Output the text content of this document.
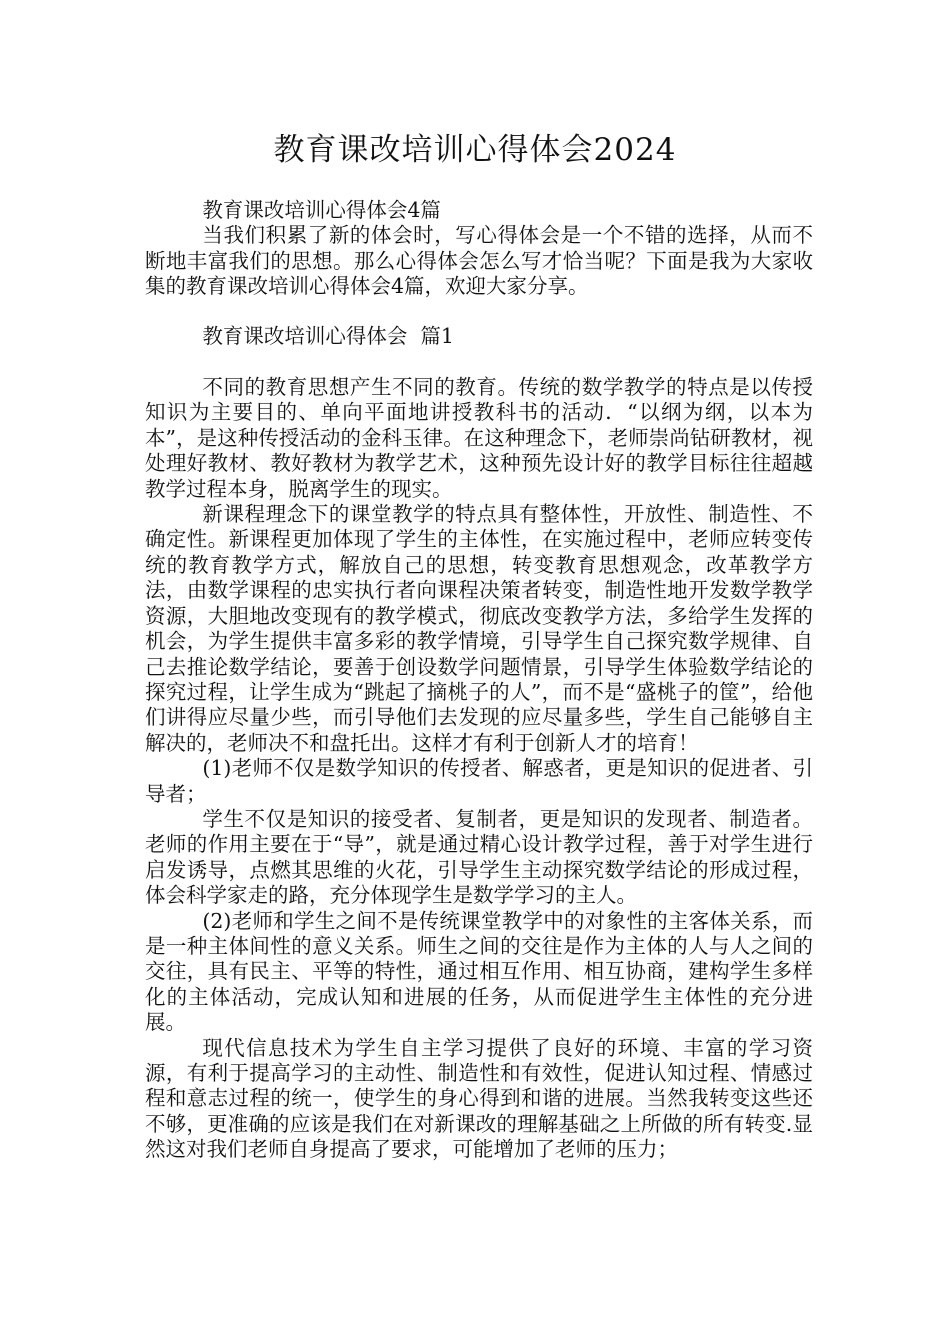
教育课改培训心得体会2024

教育课改培训心得体会4篇

当我们积累了新的体会时，写心得体会是一个不错的选择，从而不断地丰富我们的思想。那么心得体会怎么写才恰当呢？下面是我为大家收集的教育课改培训心得体会4篇，欢迎大家分享。

教育课改培训心得体会  篇1

不同的教育思想产生不同的教育。传统的数学教学的特点是以传授知识为主要目的、单向平面地讲授教科书的活动．“以纲为纲，以本为本”，是这种传授活动的金科玉律。在这种理念下，老师崇尚钻研教材，视处理好教材、教好教材为教学艺术，这种预先设计好的教学目标往往超越教学过程本身，脱离学生的现实。

新课程理念下的课堂教学的特点具有整体性，开放性、制造性、不确定性。新课程更加体现了学生的主体性，在实施过程中，老师应转变传统的教育教学方式，解放自己的思想，转变教育思想观念，改革教学方法，由数学课程的忠实执行者向课程决策者转变，制造性地开发数学教学资源，大胆地改变现有的教学模式，彻底改变教学方法，多给学生发挥的机会，为学生提供丰富多彩的教学情境，引导学生自己探究数学规律、自己去推论数学结论，要善于创设数学问题情景，引导学生体验数学结论的探究过程，让学生成为“跳起了摘桃子的人”，而不是“盛桃子的筐”，给他们讲得应尽量少些，而引导他们去发现的应尽量多些，学生自己能够自主解决的，老师决不和盘托出。这样才有利于创新人才的培育！

(1)老师不仅是数学知识的传授者、解惑者，更是知识的促进者、引导者；

学生不仅是知识的接受者、复制者，更是知识的发现者、制造者。老师的作用主要在于“导”，就是通过精心设计教学过程，善于对学生进行启发诱导，点燃其思维的火花，引导学生主动探究数学结论的形成过程，体会科学家走的路，充分体现学生是数学学习的主人。

(2)老师和学生之间不是传统课堂教学中的对象性的主客体关系，而是一种主体间性的意义关系。师生之间的交往是作为主体的人与人之间的交往，具有民主、平等的特性，通过相互作用、相互协商，建构学生多样化的主体活动，完成认知和进展的任务，从而促进学生主体性的充分进展。

现代信息技术为学生自主学习提供了良好的环境、丰富的学习资源，有利于提高学习的主动性、制造性和有效性，促进认知过程、情感过程和意志过程的统一，使学生的身心得到和谐的进展。当然我转变这些还不够，更准确的应该是我们在对新课改的理解基础之上所做的所有转变.显然这对我们老师自身提高了要求，可能增加了老师的压力；
